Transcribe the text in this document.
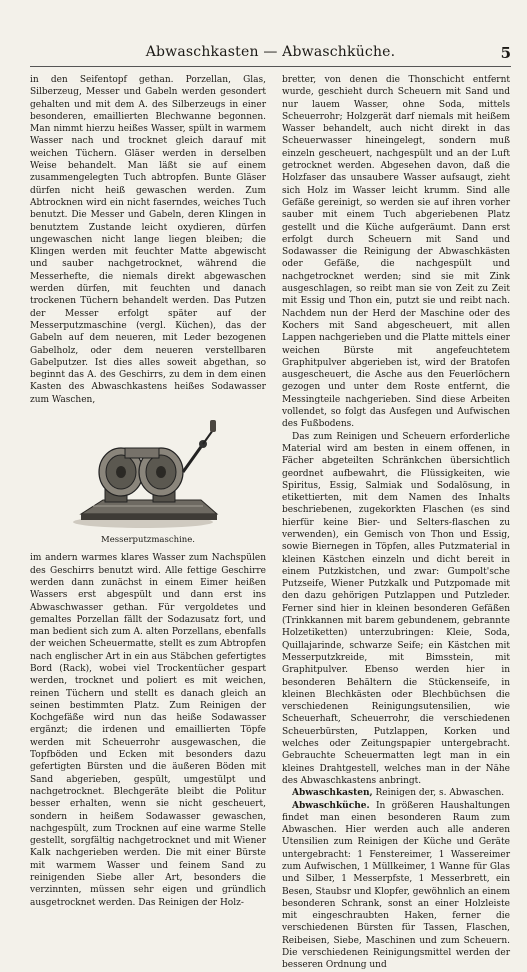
Abwaschkasten — Abwaschküche.	5

in den Seifentopf gethan. Porzellan, Glas, Silberzeug, Messer und Gabeln werden gesondert gehalten und mit dem A. des Silberzeugs in einer besonderen, emaillierten Blechwanne begonnen. Man nimmt hierzu heißes Wasser, spült in warmem Wasser nach und trocknet gleich darauf mit weichen Tüchern. Gläser werden in derselben Weise behandelt. Man läßt sie auf einem zusammengelegten Tuch abtropfen. Bunte Gläser dürfen nicht heiß gewaschen werden. Zum Abtrocknen wird ein nicht faserndes, weiches Tuch benutzt. Die Messer und Gabeln, deren Klingen in benutztem Zustande leicht oxydieren, dürfen ungewaschen nicht lange liegen bleiben; die Klingen werden mit feuchter Matte abgewischt und sauber nachgetrocknet, während die Messerhefte, die niemals direkt abgewaschen werden dürfen, mit feuchten und danach trockenen Tüchern behandelt werden. Das Putzen der Messer erfolgt später auf der Messerputzmaschine (vergl. Küchen), das der Gabeln auf dem neueren, mit Leder bezogenen Gabelholz, oder dem neueren verstellbaren Gabelputzer. Ist dies alles soweit abgethan, so beginnt das A. des Geschirrs, zu dem in dem einen Kasten des Abwaschkastens heißes Sodawasser zum Waschen,

Messerputzmaschine.

im andern warmes klares Wasser zum Nachspülen des Geschirrs benutzt wird. Alle fettige Geschirre werden dann zunächst in einem Eimer heißen Wassers erst abgespült und dann erst ins Abwaschwasser gethan. Für vergoldetes und gemaltes Porzellan fällt der Sodazusatz fort, und man bedient sich zum A. alten Porzellans, ebenfalls der weichen Scheuermatte, stellt es zum Abtropfen nach englischer Art in ein aus Stäbchen gefertigtes Bord (Rack), wobei viel Trockentücher gespart werden, trocknet und poliert es mit weichen, reinen Tüchern und stellt es danach gleich an seinen bestimmten Platz. Zum Reinigen der Kochgefäße wird nun das heiße Sodawasser ergänzt; die irdenen und emaillierten Töpfe werden mit Scheuerrohr ausgewaschen, die Topfböden und Ecken mit besonders dazu gefertigten Bürsten und die äußeren Böden mit Sand abgerieben, gespült, umgestülpt und nachgetrocknet. Blechgeräte bleibt die Politur besser erhalten, wenn sie nicht gescheuert, sondern in heißem Sodawasser gewaschen, nachgespült, zum Trocknen auf eine warme Stelle gestellt, sorgfältig nachgetrocknet und mit Wiener Kalk nachgerieben werden. Die mit einer Bürste mit warmem Wasser und feinem Sand zu reinigenden Siebe aller Art, besonders die verzinnten, müssen sehr eigen und gründlich ausgetrocknet werden. Das Reinigen der Holz-

bretter, von denen die Thonschicht entfernt wurde, geschieht durch Scheuern mit Sand und nur lauem Wasser, ohne Soda, mittels Scheuerrohr; Holzgerät darf niemals mit heißem Wasser behandelt, auch nicht direkt in das Scheuerwasser hineingelegt, sondern muß einzeln gescheuert, nachgespült und an der Luft getrocknet werden. Abgesehen davon, daß die Holzfaser das unsaubere Wasser aufsaugt, zieht sich Holz im Wasser leicht krumm. Sind alle Gefäße gereinigt, so werden sie auf ihren vorher sauber mit einem Tuch abgeriebenen Platz gestellt und die Küche aufgeräumt. Dann erst erfolgt durch Scheuern mit Sand und Sodawasser die Reinigung der Abwaschkästen oder Gefäße, die nachgespült und nachgetrocknet werden; sind sie mit Zink ausgeschlagen, so reibt man sie von Zeit zu Zeit mit Essig und Thon ein, putzt sie und reibt nach. Nachdem nun der Herd der Maschine oder des Kochers mit Sand abgescheuert, mit allen Lappen nachgerieben und die Platte mittels einer weichen Bürste mit angefeuchtetem Graphitpulver abgerieben ist, wird der Bratofen ausgescheuert, die Asche aus den Feuerlöchern gezogen und unter dem Roste entfernt, die Messingteile nachgerieben. Sind diese Arbeiten vollendet, so folgt das Ausfegen und Aufwischen des Fußbodens.

Das zum Reinigen und Scheuern erforderliche Material wird am besten in einem offenen, in Fächer abgeteilten Schränkchen übersichtlich geordnet aufbewahrt, die Flüssigkeiten, wie Spiritus, Essig, Salmiak und Sodalösung, in etikettierten, mit dem Namen des Inhalts beschriebenen, zugekorkten Flaschen (es sind hierfür keine Bier- und Selters-flaschen zu verwenden), ein Gemisch von Thon und Essig, sowie Biernegen in Töpfen, alles Putzmaterial in kleinen Kästchen einzeln und dicht bereit in einem Putzkistchen, und zwar: Gumpolt'sche Putzseife, Wiener Putzkalk und Putzpomade mit den dazu gehörigen Putzlappen und Putzleder. Ferner sind hier in kleinen besonderen Gefäßen (Trinkkannen mit barem gebundenem, gebrannte Holzetiketten) unterzubringen: Kleie, Soda, Quillajarinde, schwarze Seife; ein Kästchen mit Messerputzkreide, mit Bimsstein, mit Graphitpulver. Ebenso werden hier in besonderen Behältern die Stückenseife, in kleinen Blechkästen oder Blechbüchsen die verschiedenen Reinigungsutensilien, wie Scheuerhaft, Scheuerrohr, die verschiedenen Scheuerbürsten, Putzlappen, Korken und welches oder Zeitungspapier untergebracht. Gebrauchte Scheuermatten legt man in ein kleines Drahtgestell, welches man in der Nähe des Abwaschkastens anbringt.

Abwaschkasten, Reinigen der, s. Abwaschen.

Abwaschküche. In größeren Haushaltungen findet man einen besonderen Raum zum Abwaschen. Hier werden auch alle anderen Utensilien zum Reinigen der Küche und Geräte untergebracht: 1 Fenstereimer, 1 Wassereimer zum Aufwischen, 1 Müllkeimer, 1 Wanne für Glas und Silber, 1 Messerpfste, 1 Messerbrett, ein Besen, Staubsr und Klopfer, gewöhnlich an einem besonderen Schrank, sonst an einer Holzleiste mit eingeschraubten Haken, ferner die verschiedenen Bürsten für Tassen, Flaschen, Reibeisen, Siebe, Maschinen und zum Scheuern. Die verschiedenen Reinigungsmittel werden der besseren Ordnung und
